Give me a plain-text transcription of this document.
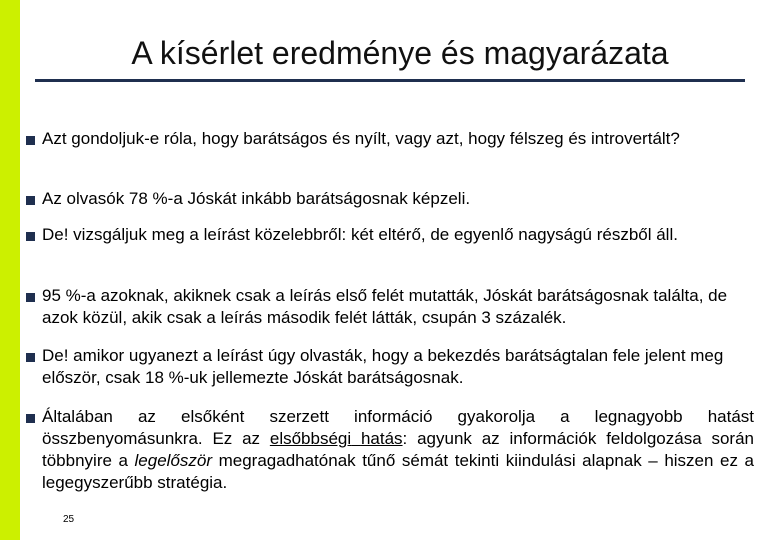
A kísérlet eredménye és magyarázata
Azt gondoljuk-e róla, hogy barátságos és nyílt, vagy azt, hogy félszeg és introvertált?
Az olvasók 78 %-a Jóskát inkább barátságosnak képzeli.
De! vizsgáljuk meg a leírást közelebbről: két eltérő, de egyenlő nagyságú részből áll.
95 %-a azoknak, akiknek csak a leírás első felét mutatták, Jóskát barátságosnak találta, de azok közül, akik csak a leírás második felét látták, csupán 3 százalék.
De! amikor ugyanezt a leírást úgy olvasták, hogy a bekezdés barátságtalan fele jelent meg először, csak 18 %-uk jellemezte Jóskát barátságosnak.
Általában az elsőként szerzett információ gyakorolja a legnagyobb hatást összbenyomásunkra. Ez az elsőbbségi hatás: agyunk az információk feldolgozása során többnyire a legelőször megragadhatónak tűnő sémát tekinti kiindulási alapnak – hiszen ez a legegyszerűbb stratégia.
25
